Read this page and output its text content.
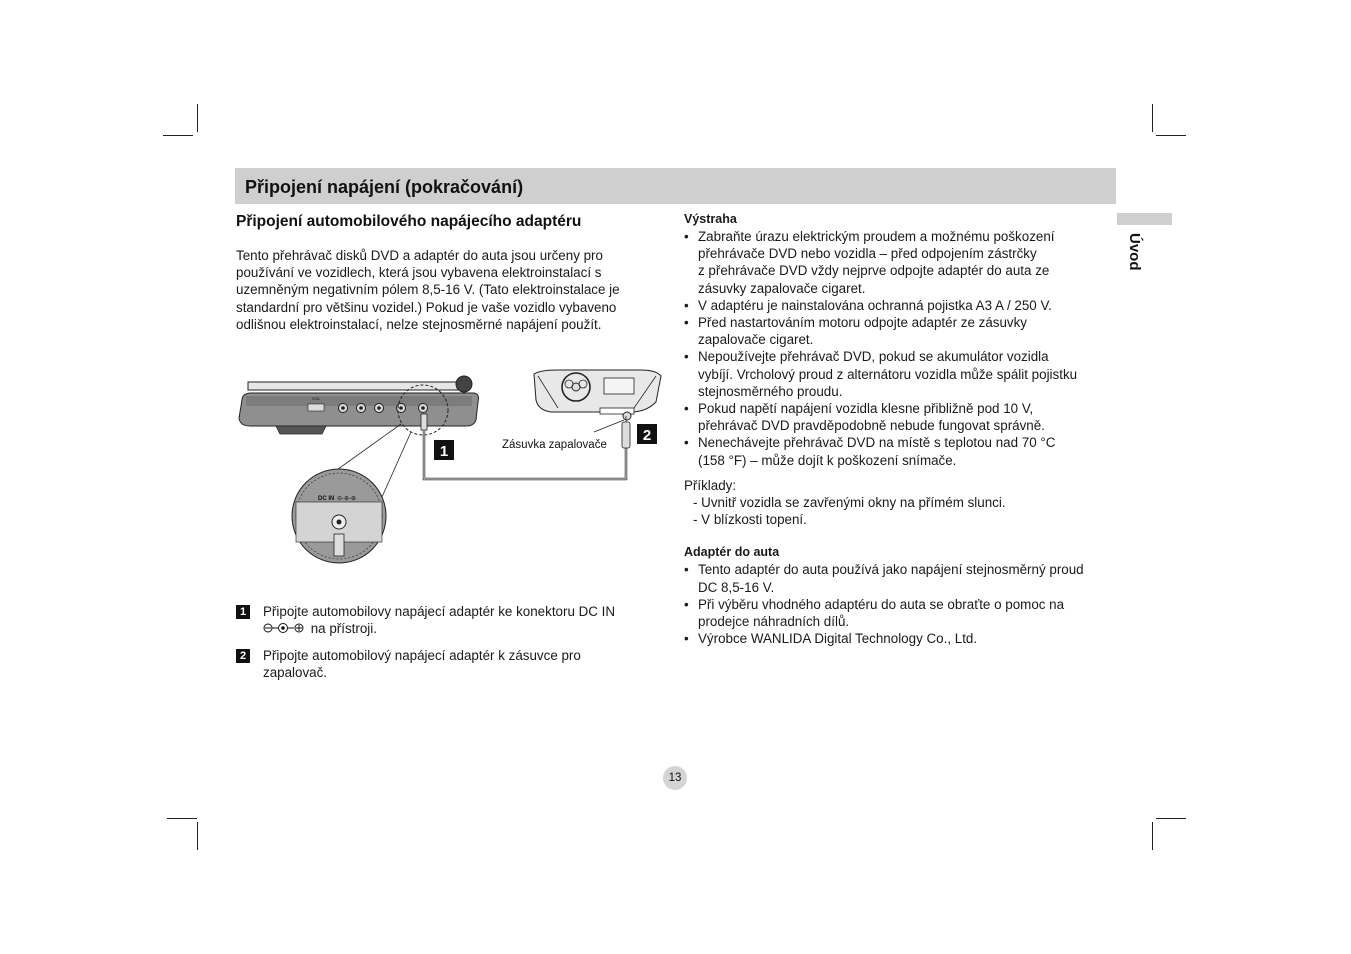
Připojení napájení (pokračování)
Úvod
Připojení automobilového napájecího adaptéru
Tento přehrávač disků DVD a adaptér do auta jsou určeny pro
používání ve vozidlech, která jsou vybavena elektroinstalací s
uzemněným negativním pólem 8,5-16 V. (Tato elektroinstalace je
standardní pro většinu vozidel.) Pokud je vaše vozidlo vybaveno
odlišnou elektroinstalací, nelze stejnosměrné napájení použít.
VOL
DC IN ⊖-⊕-⊕
1
2
Zásuvka zapalovače
1 Připojte automobilovy napájecí adaptér ke konektoru DC IN
na přístroji.
2 Připojte automobilový napájecí adaptér k zásuvce pro
zapalovač.
Výstraha
• Zabraňte úrazu elektrickým proudem a možnému poškození
přehrávače DVD nebo vozidla – před odpojením zástrčky
z přehrávače DVD vždy nejprve odpojte adaptér do auta ze
zásuvky zapalovače cigaret.
• V adaptéru je nainstalována ochranná pojistka A3 A / 250 V.
• Před nastartováním motoru odpojte adaptér ze zásuvky
zapalovače cigaret.
• Nepoužívejte přehrávač DVD, pokud se akumulátor vozidla
vybíjí. Vrcholový proud z alternátoru vozidla může spálit pojistku
stejnosměrného proudu.
• Pokud napětí napájení vozidla klesne přibližně pod 10 V,
přehrávač DVD pravděpodobně nebude fungovat správně.
• Nenechávejte přehrávač DVD na místě s teplotou nad 70 °C
(158 °F) – může dojít k poškození snímače.
Příklady:
- Uvnitř vozidla se zavřenými okny na přímém slunci.
- V blízkosti topení.
Adaptér do auta
• Tento adaptér do auta používá jako napájení stejnosměrný proud
DC 8,5-16 V.
• Při výběru vhodného adaptéru do auta se obraťte o pomoc na
prodejce náhradních dílů.
• Výrobce WANLIDA Digital Technology Co., Ltd.
13
